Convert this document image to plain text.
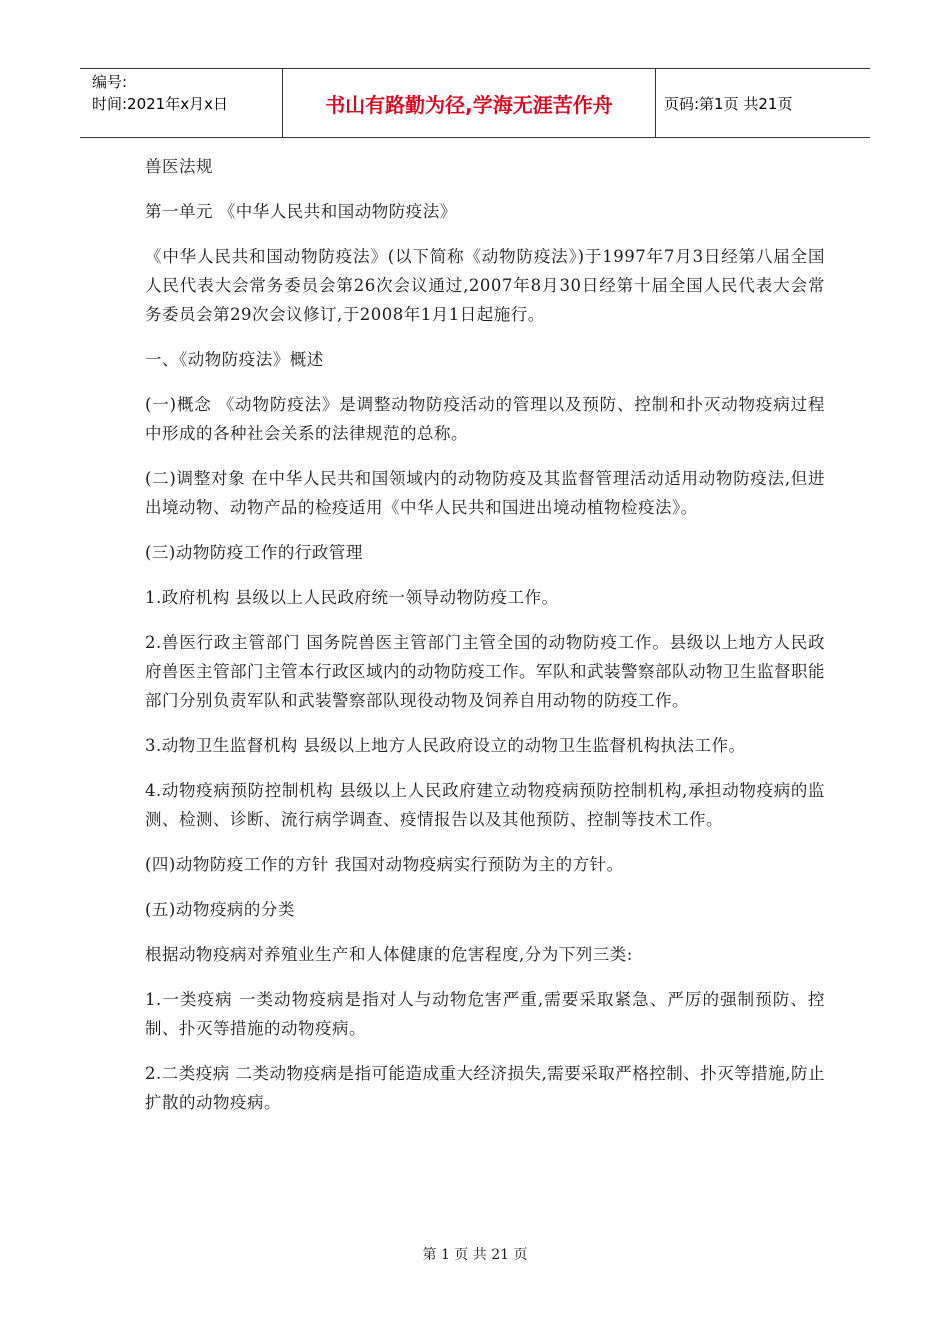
编号:
时间:2021年x月x日	书山有路勤为径,学海无涯苦作舟	页码:第1页 共21页

兽医法规

第一单元 《中华人民共和国动物防疫法》

《中华人民共和国动物防疫法》(以下简称《动物防疫法》)于1997年7月3日经第八届全国人民代表大会常务委员会第26次会议通过,2007年8月30日经第十届全国人民代表大会常务委员会第29次会议修订,于2008年1月1日起施行。

一、《动物防疫法》概述

(一)概念 《动物防疫法》是调整动物防疫活动的管理以及预防、控制和扑灭动物疫病过程中形成的各种社会关系的法律规范的总称。

(二)调整对象 在中华人民共和国领域内的动物防疫及其监督管理活动适用动物防疫法,但进出境动物、动物产品的检疫适用《中华人民共和国进出境动植物检疫法》。

(三)动物防疫工作的行政管理

1.政府机构 县级以上人民政府统一领导动物防疫工作。

2.兽医行政主管部门 国务院兽医主管部门主管全国的动物防疫工作。县级以上地方人民政府兽医主管部门主管本行政区域内的动物防疫工作。军队和武装警察部队动物卫生监督职能部门分别负责军队和武装警察部队现役动物及饲养自用动物的防疫工作。

3.动物卫生监督机构 县级以上地方人民政府设立的动物卫生监督机构执法工作。

4.动物疫病预防控制机构 县级以上人民政府建立动物疫病预防控制机构,承担动物疫病的监测、检测、诊断、流行病学调查、疫情报告以及其他预防、控制等技术工作。

(四)动物防疫工作的方针 我国对动物疫病实行预防为主的方针。

(五)动物疫病的分类

根据动物疫病对养殖业生产和人体健康的危害程度,分为下列三类:

1.一类疫病 一类动物疫病是指对人与动物危害严重,需要采取紧急、严厉的强制预防、控制、扑灭等措施的动物疫病。

2.二类疫病 二类动物疫病是指可能造成重大经济损失,需要采取严格控制、扑灭等措施,防止扩散的动物疫病。

第 1 页 共 21 页
